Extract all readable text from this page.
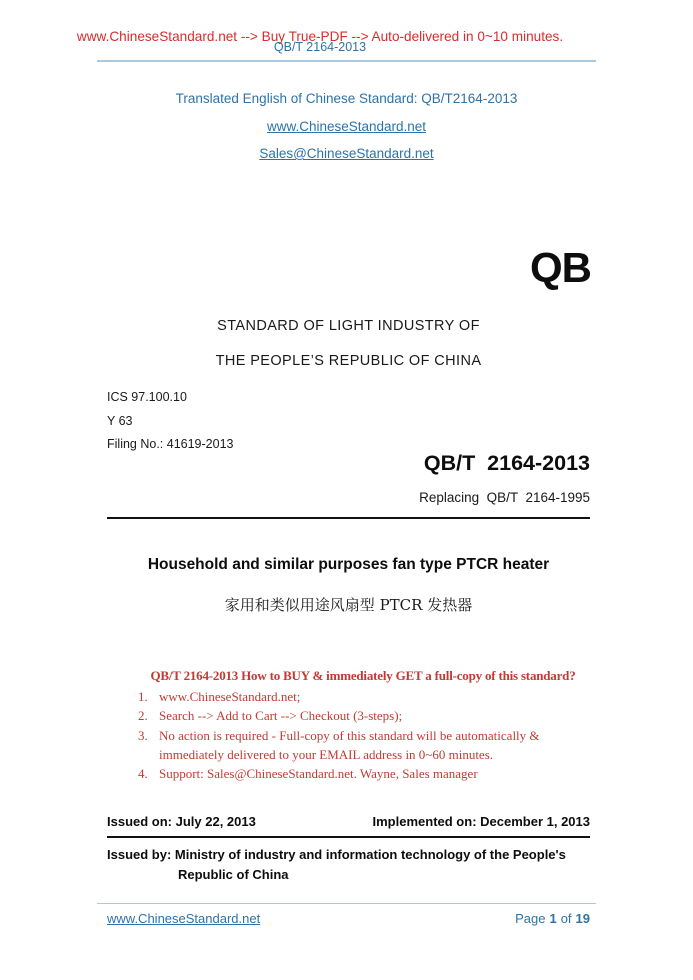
QB/T 2164-2013
www.ChineseStandard.net --> Buy True-PDF --> Auto-delivered in 0~10 minutes.
Translated English of Chinese Standard: QB/T2164-2013
www.ChineseStandard.net
Sales@ChineseStandard.net
QB
STANDARD OF LIGHT INDUSTRY OF
THE PEOPLE’S REPUBLIC OF CHINA
ICS 97.100.10
Y 63
Filing No.: 41619-2013
QB/T  2164-2013
Replacing  QB/T  2164-1995
Household and similar purposes fan type PTCR heater
家用和类似用途风扇型 PTCR 发热器
QB/T 2164-2013 How to BUY & immediately GET a full-copy of this standard?
1. www.ChineseStandard.net;
2. Search --> Add to Cart --> Checkout (3-steps);
3. No action is required - Full-copy of this standard will be automatically & immediately delivered to your EMAIL address in 0~60 minutes.
4. Support: Sales@ChineseStandard.net. Wayne, Sales manager
Issued on: July 22, 2013	Implemented on: December 1, 2013
Issued by: Ministry of industry and information technology of the People's
Republic of China
www.ChineseStandard.net	Page 1 of 19
